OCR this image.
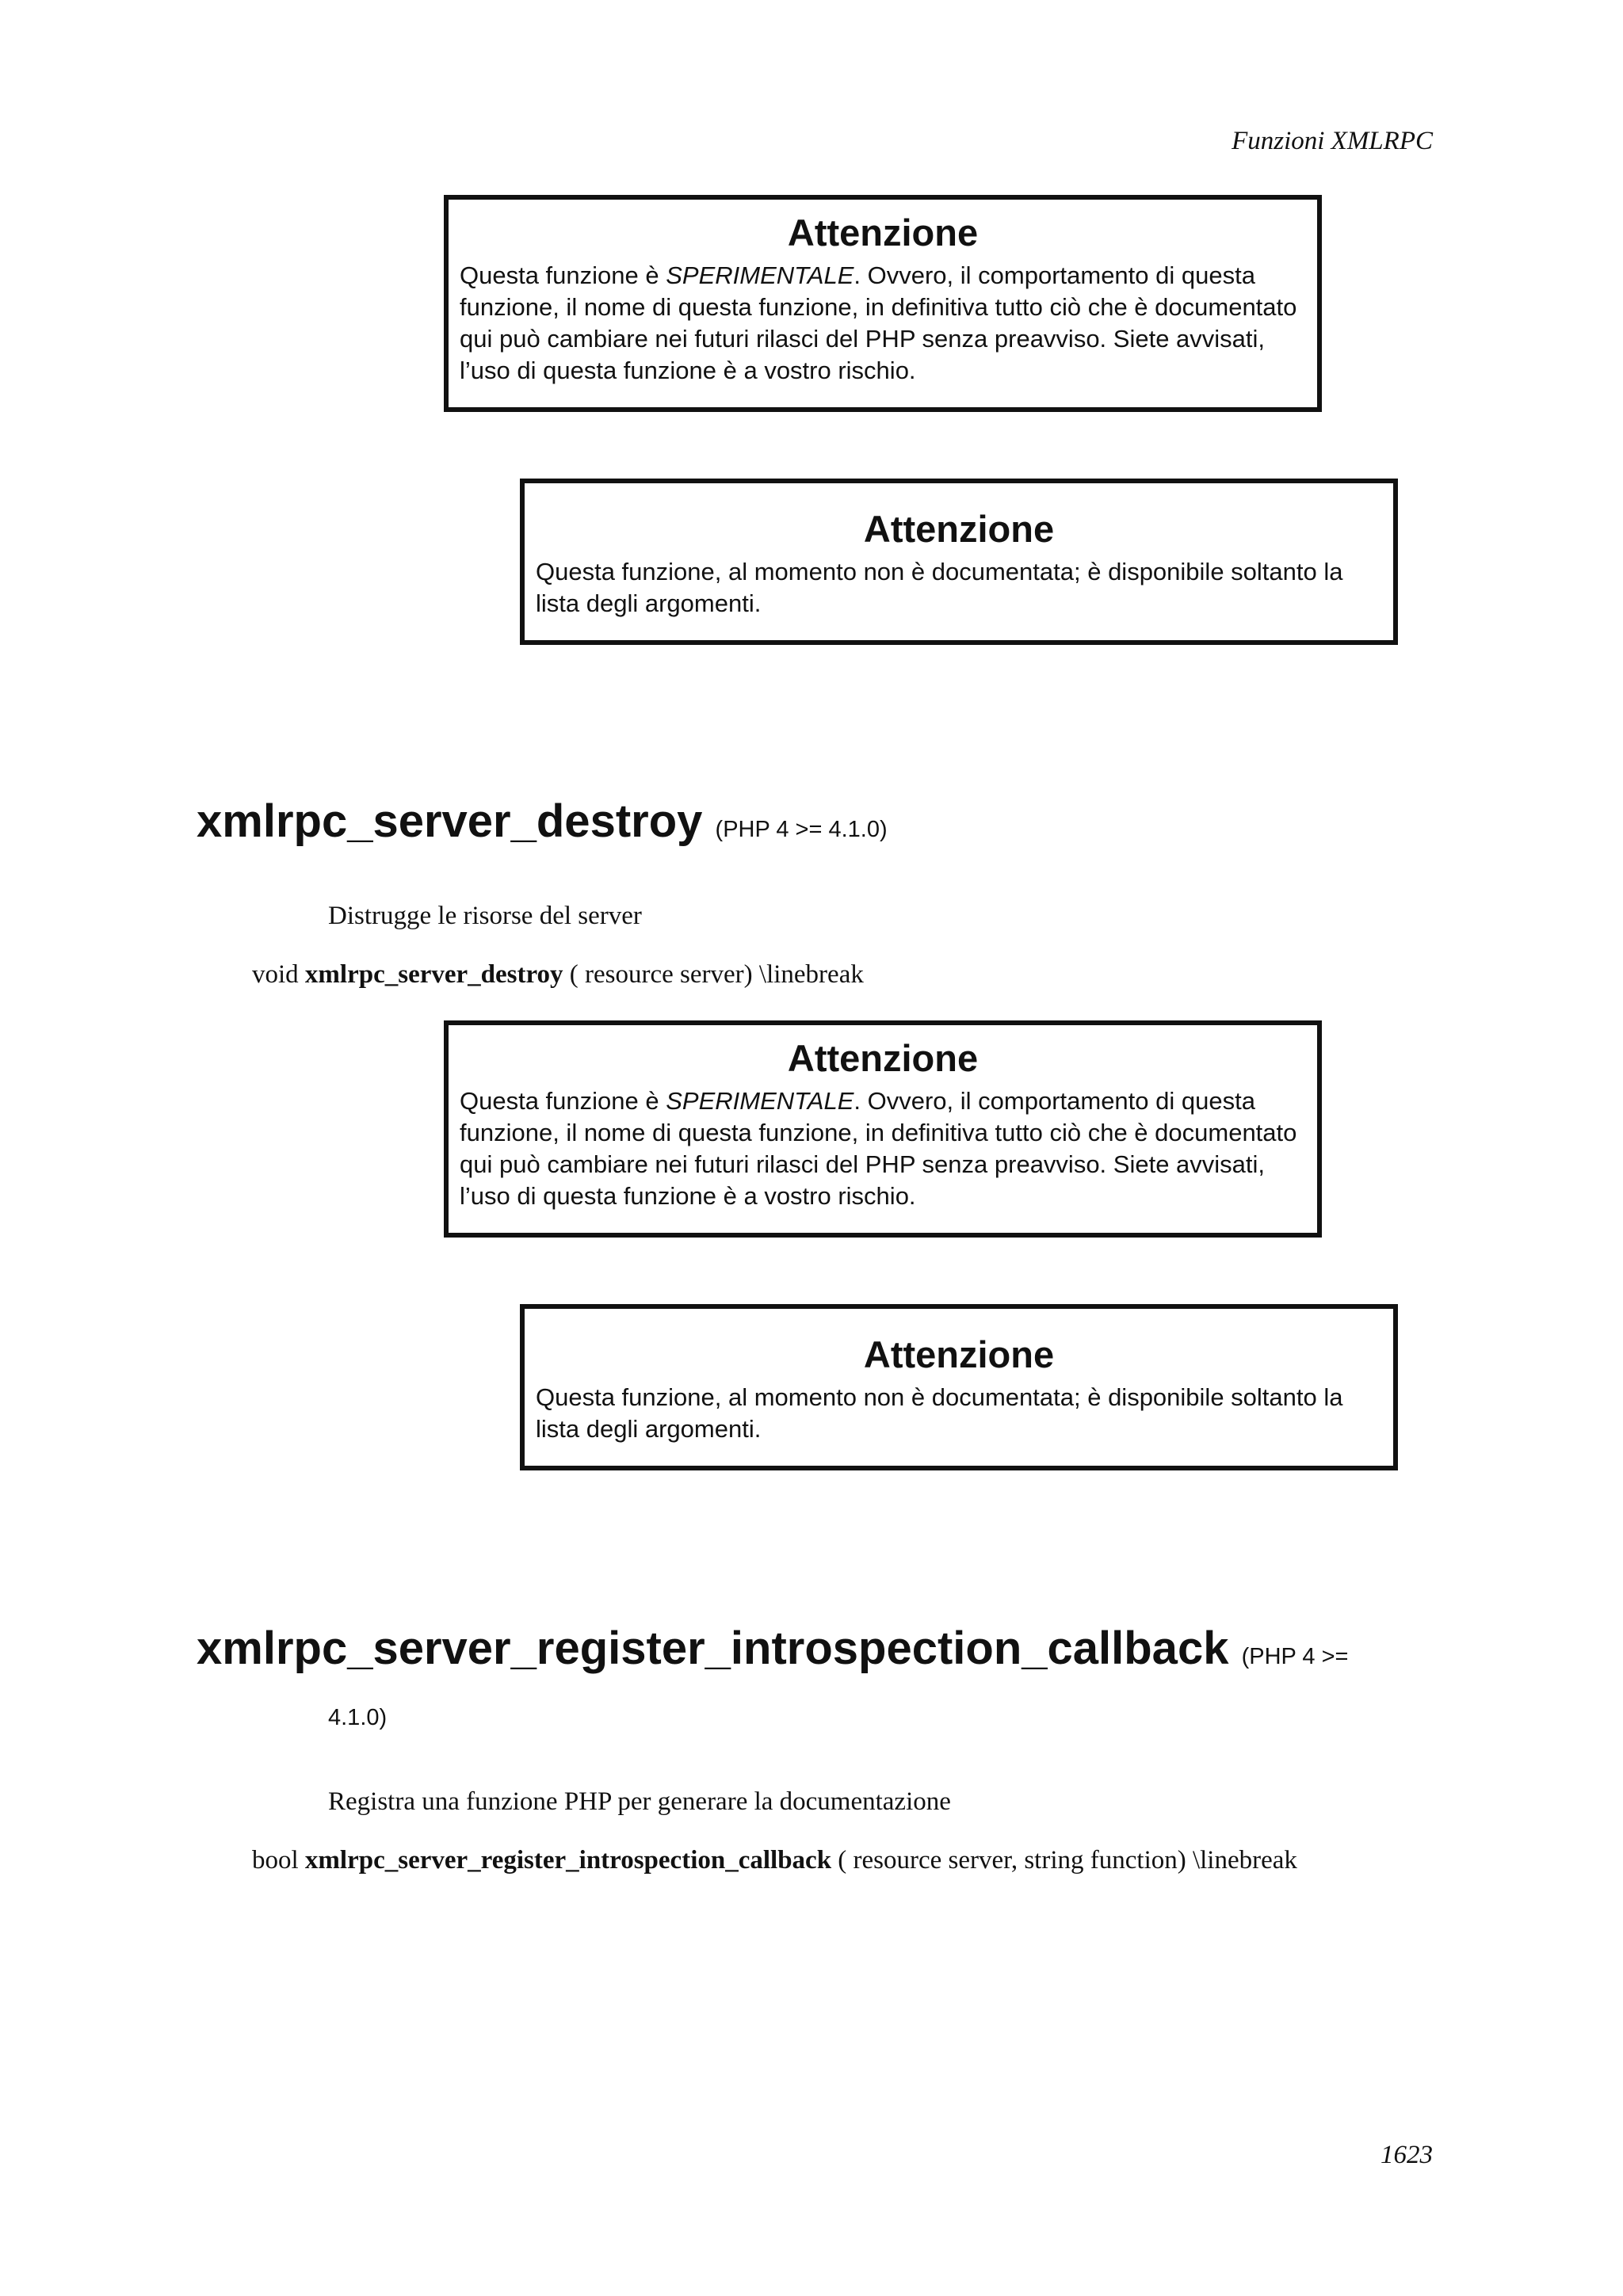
Funzioni XMLRPC
Attenzione
Questa funzione è SPERIMENTALE. Ovvero, il comportamento di questa
funzione, il nome di questa funzione, in definitiva tutto ciò che è documentato
qui può cambiare nei futuri rilasci del PHP senza preavviso. Siete avvisati,
l’uso di questa funzione è a vostro rischio.
Attenzione
Questa funzione, al momento non è documentata; è disponibile soltanto la
lista degli argomenti.
xmlrpc_server_destroy (PHP 4 >= 4.1.0)
Distrugge le risorse del server
void xmlrpc_server_destroy ( resource server) \linebreak
Attenzione
Questa funzione è SPERIMENTALE. Ovvero, il comportamento di questa
funzione, il nome di questa funzione, in definitiva tutto ciò che è documentato
qui può cambiare nei futuri rilasci del PHP senza preavviso. Siete avvisati,
l’uso di questa funzione è a vostro rischio.
Attenzione
Questa funzione, al momento non è documentata; è disponibile soltanto la
lista degli argomenti.
xmlrpc_server_register_introspection_callback (PHP 4 >=
4.1.0)
Registra una funzione PHP per generare la documentazione
bool xmlrpc_server_register_introspection_callback ( resource server, string function) \linebreak
1623
